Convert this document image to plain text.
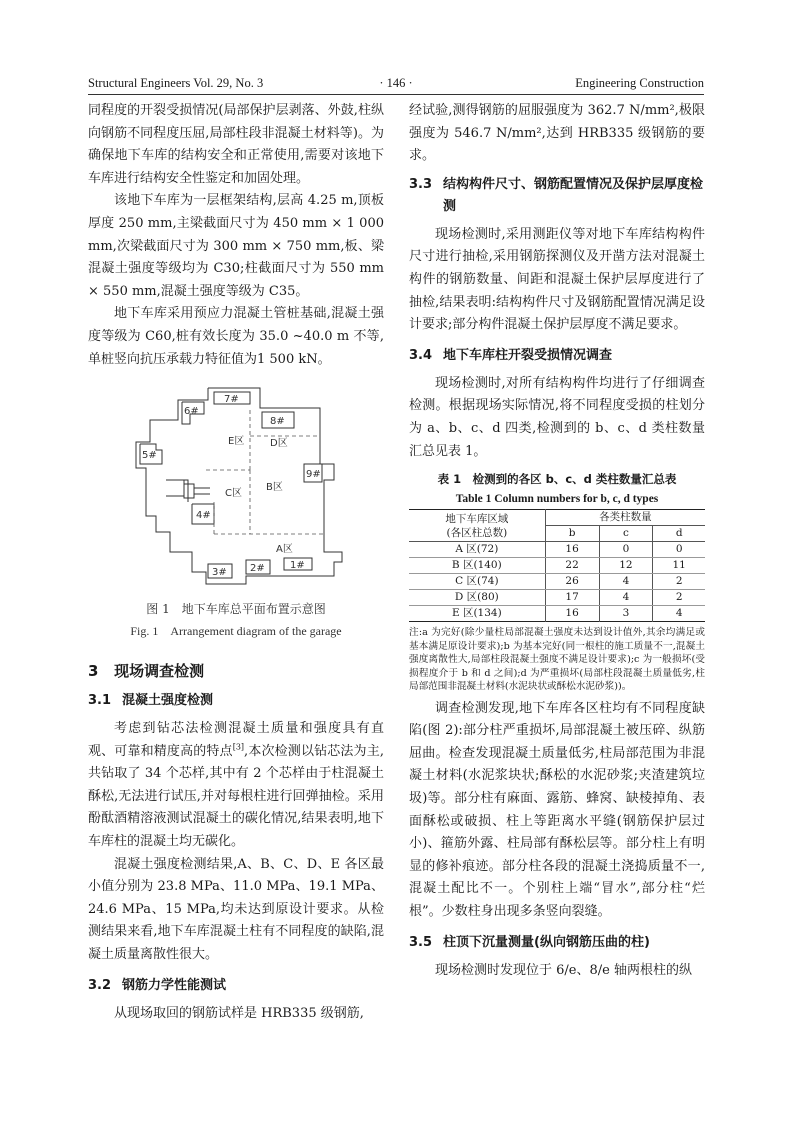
Structural Engineers Vol. 29, No. 3	· 146 ·	Engineering Construction

同程度的开裂受损情况(局部保护层剥落、外鼓,柱纵向钢筋不同程度压屈,局部柱段非混凝土材料等)。为确保地下车库的结构安全和正常使用,需要对该地下车库进行结构安全性鉴定和加固处理。

该地下车库为一层框架结构,层高 4.25 m,顶板厚度 250 mm,主梁截面尺寸为 450 mm × 1 000 mm,次梁截面尺寸为 300 mm × 750 mm,板、梁混凝土强度等级均为 C30;柱截面尺寸为 550 mm × 550 mm,混凝土强度等级为 C35。

地下车库采用预应力混凝土管桩基础,混凝土强度等级为 C60,桩有效长度为 35.0 ~40.0 m 不等,单桩竖向抗压承载力特征值为1 500 kN。

E区	D区
C区
B区
A区
7#
8#
6#
5#
9#
4#
3# 2#	1#
图 1　地下车库总平面布置示意图
Fig. 1　Arrangement diagram of the garage
3 现场调查检测
3.1 混凝土强度检测

考虑到钻芯法检测混凝土质量和强度具有直观、可靠和精度高的特点[3],本次检测以钻芯法为主,共钻取了 34 个芯样,其中有 2 个芯样由于柱混凝土酥松,无法进行试压,并对每根柱进行回弹抽检。采用酚酞酒精溶液测试混凝土的碳化情况,结果表明,地下车库柱的混凝土均无碳化。

混凝土强度检测结果,A、B、C、D、E 各区最小值分别为 23.8 MPa、11.0 MPa、19.1 MPa、24.6 MPa、15 MPa,均未达到原设计要求。从检测结果来看,地下车库混凝土柱有不同程度的缺陷,混凝土质量离散性很大。

3.2 钢筋力学性能测试

从现场取回的钢筋试样是 HRB335 级钢筋,

经试验,测得钢筋的屈服强度为 362.7 N/mm²,极限强度为 546.7 N/mm²,达到 HRB335 级钢筋的要求。

3.3 结构构件尺寸、钢筋配置情况及保护层厚度检测

现场检测时,采用测距仪等对地下车库结构构件尺寸进行抽检,采用钢筋探测仪及开凿方法对混凝土构件的钢筋数量、间距和混凝土保护层厚度进行了抽检,结果表明:结构构件尺寸及钢筋配置情况满足设计要求;部分构件混凝土保护层厚度不满足要求。

3.4 地下车库柱开裂受损情况调查

现场检测时,对所有结构构件均进行了仔细调查检测。根据现场实际情况,将不同程度受损的柱划分为 a、b、c、d 四类,检测到的 b、c、d 类柱数量汇总见表 1。

表 1　检测到的各区 b、c、d 类柱数量汇总表

Table 1 Column numbers for b, c, d types

地下车库区域
(各区柱总数)	各类柱数量		
	b	c	d
A 区(72)	16	0	0
B 区(140)	22	12	11
C 区(74)	26	4	2
D 区(80)	17	4	2
E 区(134)	16	3	4

注:a 为完好(除少量柱局部混凝土强度未达到设计值外,其余均满足或基本满足原设计要求);b 为基本完好(同一根柱的施工质量不一,混凝土强度离散性大,局部柱段混凝土强度不满足设计要求);c 为一般损坏(受损程度介于 b 和 d 之间);d 为严重损坏(局部柱段混凝土质量低劣,柱局部范围非混凝土材料(水泥块状或酥松水泥砂浆))。

调查检测发现,地下车库各区柱均有不同程度缺陷(图 2):部分柱严重损坏,局部混凝土被压碎、纵筋屈曲。检查发现混凝土质量低劣,柱局部范围为非混凝土材料(水泥浆块状;酥松的水泥砂浆;夹渣建筑垃圾)等。部分柱有麻面、露筋、蜂窝、缺棱掉角、表面酥松或破损、柱上等距离水平缝(钢筋保护层过小)、箍筋外露、柱局部有酥松层等。部分柱上有明显的修补痕迹。部分柱各段的混凝土浇捣质量不一,混凝土配比不一。个别柱上端“冒水”,部分柱“烂根”。少数柱身出现多条竖向裂缝。

3.5 柱顶下沉量测量(纵向钢筋压曲的柱)

现场检测时发现位于 6/e、8/e 轴两根柱的纵
